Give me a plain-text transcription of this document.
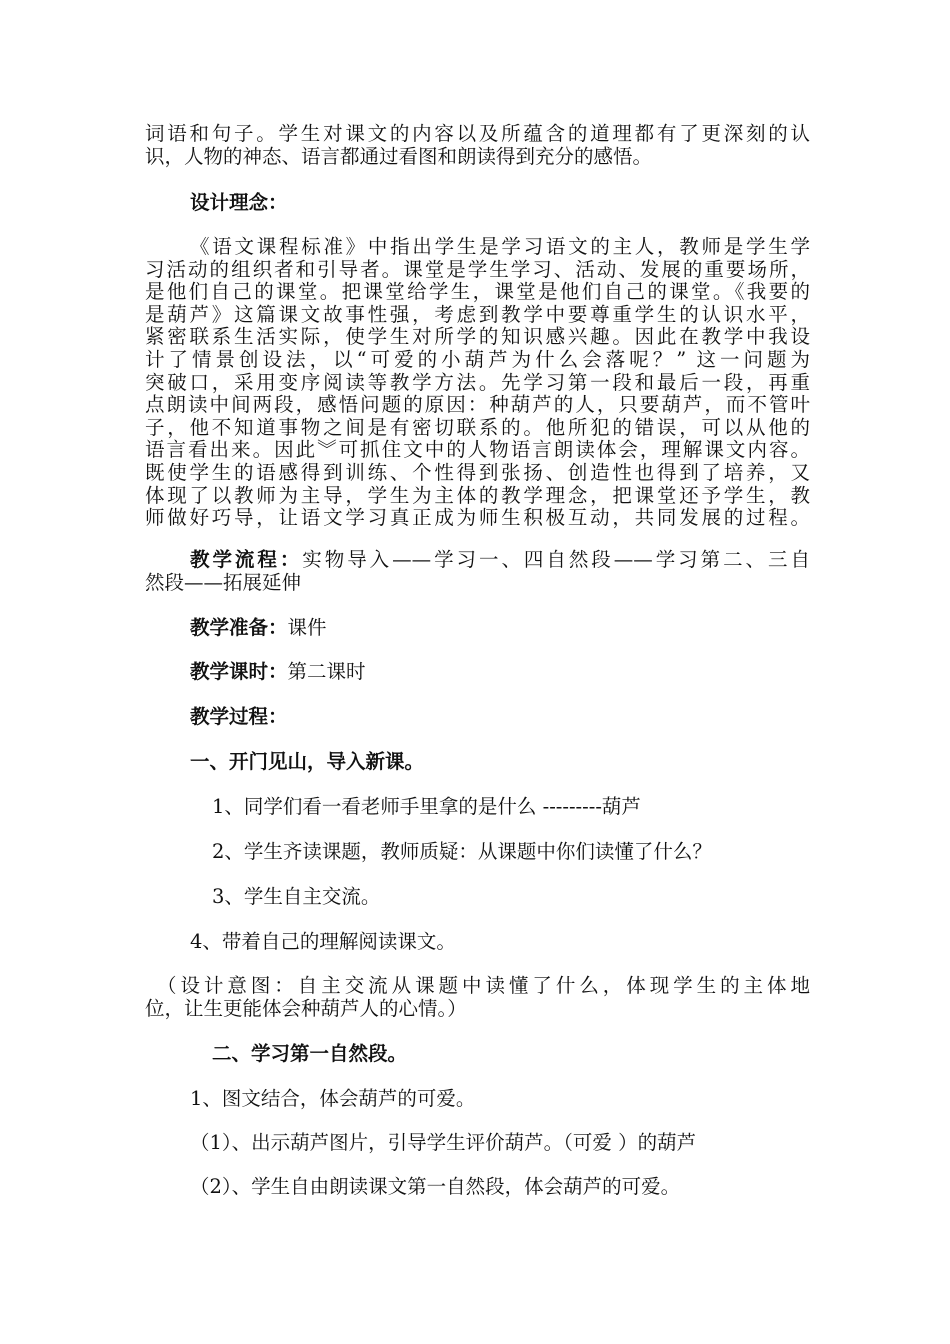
词语和句子。学生对课文的内容以及所蕴含的道理都有了更深刻的认
识，人物的神态、语言都通过看图和朗读得到充分的感悟。
设计理念：
《语文课程标准》中指出学生是学习语文的主人，教师是学生学
习活动的组织者和引导者。课堂是学生学习、活动、发展的重要场所，
是他们自己的课堂。把课堂给学生，课堂是他们自己的课堂。《我要的
是葫芦》这篇课文故事性强，考虑到教学中要尊重学生的认识水平，
紧密联系生活实际，使学生对所学的知识感兴趣。因此在教学中我设
计了情景创设法，以“可爱的小葫芦为什么会落呢？” 这一问题为
突破口，采用变序阅读等教学方法。先学习第一段和最后一段，再重
点朗读中间两段，感悟问题的原因：种葫芦的人，只要葫芦，而不管叶
子，他不知道事物之间是有密切联系的。他所犯的错误，可以从他的
语言看出来。因此︾可抓住文中的人物语言朗读体会，理解课文内容。
既使学生的语感得到训练、个性得到张扬、创造性也得到了培养，又
体现了以教师为主导，学生为主体的教学理念，把课堂还予学生，教
师做好巧导，让语文学习真正成为师生积极互动，共同发展的过程。
教学流程：实物导入——学习一、四自然段——学习第二、三自
然段——拓展延伸
教学准备：课件
教学课时：第二课时
教学过程：
一、开门见山，导入新课。
1、同学们看一看老师手里拿的是什么 ---------葫芦
2、学生齐读课题，教师质疑：从课题中你们读懂了什么？
3、学生自主交流。
4、带着自己的理解阅读课文。
（设计意图：自主交流从课题中读懂了什么，体现学生的主体地
位，让生更能体会种葫芦人的心情。）
二、学习第一自然段。
1、图文结合，体会葫芦的可爱。
（1）、出示葫芦图片，引导学生评价葫芦。（可爱 ）的葫芦
（2）、学生自由朗读课文第一自然段，体会葫芦的可爱。
